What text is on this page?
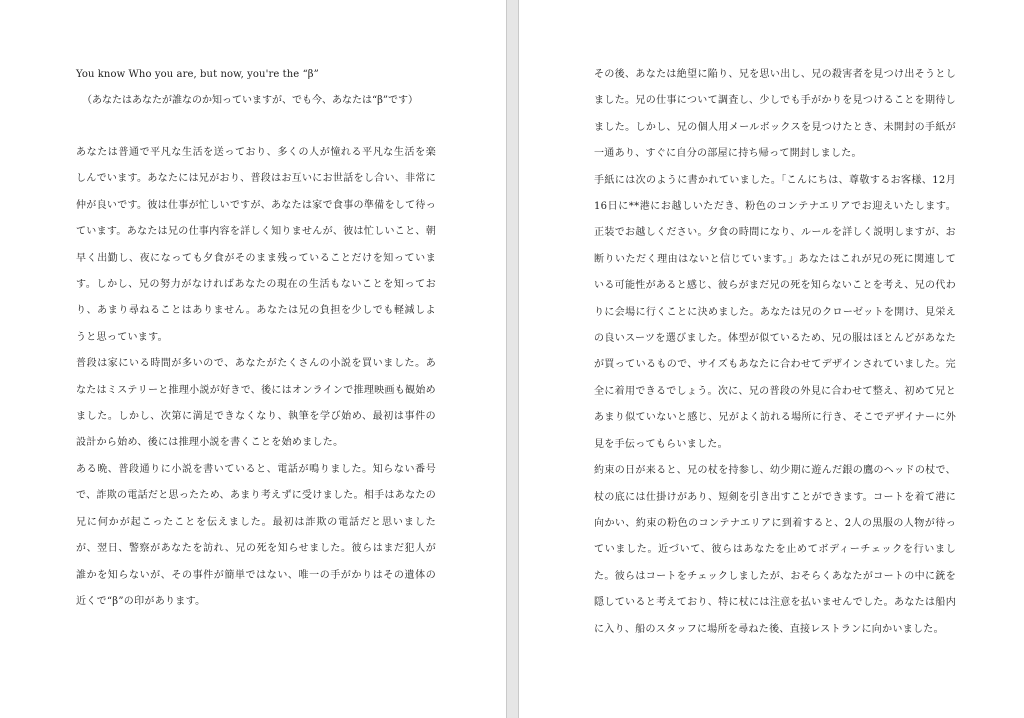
You know Who you are, but now, you're the “β”
（あなたはあなたが誰なのか知っていますが、でも今、あなたは“β”です）

あなたは普通で平凡な生活を送っており、多くの人が憧れる平凡な生活を楽しんでいます。あなたには兄がおり、普段はお互いにお世話をし合い、非常に仲が良いです。彼は仕事が忙しいですが、あなたは家で食事の準備をして待っています。あなたは兄の仕事内容を詳しく知りませんが、彼は忙しいこと、朝早く出勤し、夜になっても夕食がそのまま残っていることだけを知っています。しかし、兄の努力がなければあなたの現在の生活もないことを知っており、あまり尋ねることはありません。あなたは兄の負担を少しでも軽減しようと思っています。

普段は家にいる時間が多いので、あなたがたくさんの小説を買いました。あなたはミステリーと推理小説が好きで、後にはオンラインで推理映画も観始めました。しかし、次第に満足できなくなり、執筆を学び始め、最初は事件の設計から始め、後には推理小説を書くことを始めました。

ある晩、普段通りに小説を書いていると、電話が鳴りました。知らない番号で、詐欺の電話だと思ったため、あまり考えずに受けました。相手はあなたの兄に何かが起こったことを伝えました。最初は詐欺の電話だと思いましたが、翌日、警察があなたを訪れ、兄の死を知らせました。彼らはまだ犯人が誰かを知らないが、その事件が簡単ではない、唯一の手がかりはその遺体の近くで“β”の印があります。

その後、あなたは絶望に陥り、兄を思い出し、兄の殺害者を見つけ出そうとしました。兄の仕事について調査し、少しでも手がかりを見つけることを期待しました。しかし、兄の個人用メールボックスを見つけたとき、未開封の手紙が一通あり、すぐに自分の部屋に持ち帰って開封しました。

手紙には次のように書かれていました。「こんにちは、尊敬するお客様、12月16日に**港にお越しいただき、粉色のコンテナエリアでお迎えいたします。正装でお越しください。夕食の時間になり、ルールを詳しく説明しますが、お断りいただく理由はないと信じています。」あなたはこれが兄の死に関連している可能性があると感じ、彼らがまだ兄の死を知らないことを考え、兄の代わりに会場に行くことに決めました。あなたは兄のクローゼットを開け、見栄えの良いスーツを選びました。体型が似ているため、兄の服はほとんどがあなたが買っているもので、サイズもあなたに合わせてデザインされていました。完全に着用できるでしょう。次に、兄の普段の外見に合わせて整え、初めて兄とあまり似ていないと感じ、兄がよく訪れる場所に行き、そこでデザイナーに外見を手伝ってもらいました。

約束の日が来ると、兄の杖を持参し、幼少期に遊んだ銀の鷹のヘッドの杖で、杖の底には仕掛けがあり、短剣を引き出すことができます。コートを着て港に向かい、約束の粉色のコンテナエリアに到着すると、2人の黒服の人物が待っていました。近づいて、彼らはあなたを止めてボディーチェックを行いました。彼らはコートをチェックしましたが、おそらくあなたがコートの中に銃を隠していると考えており、特に杖には注意を払いませんでした。あなたは船内に入り、船のスタッフに場所を尋ねた後、直接レストランに向かいました。
